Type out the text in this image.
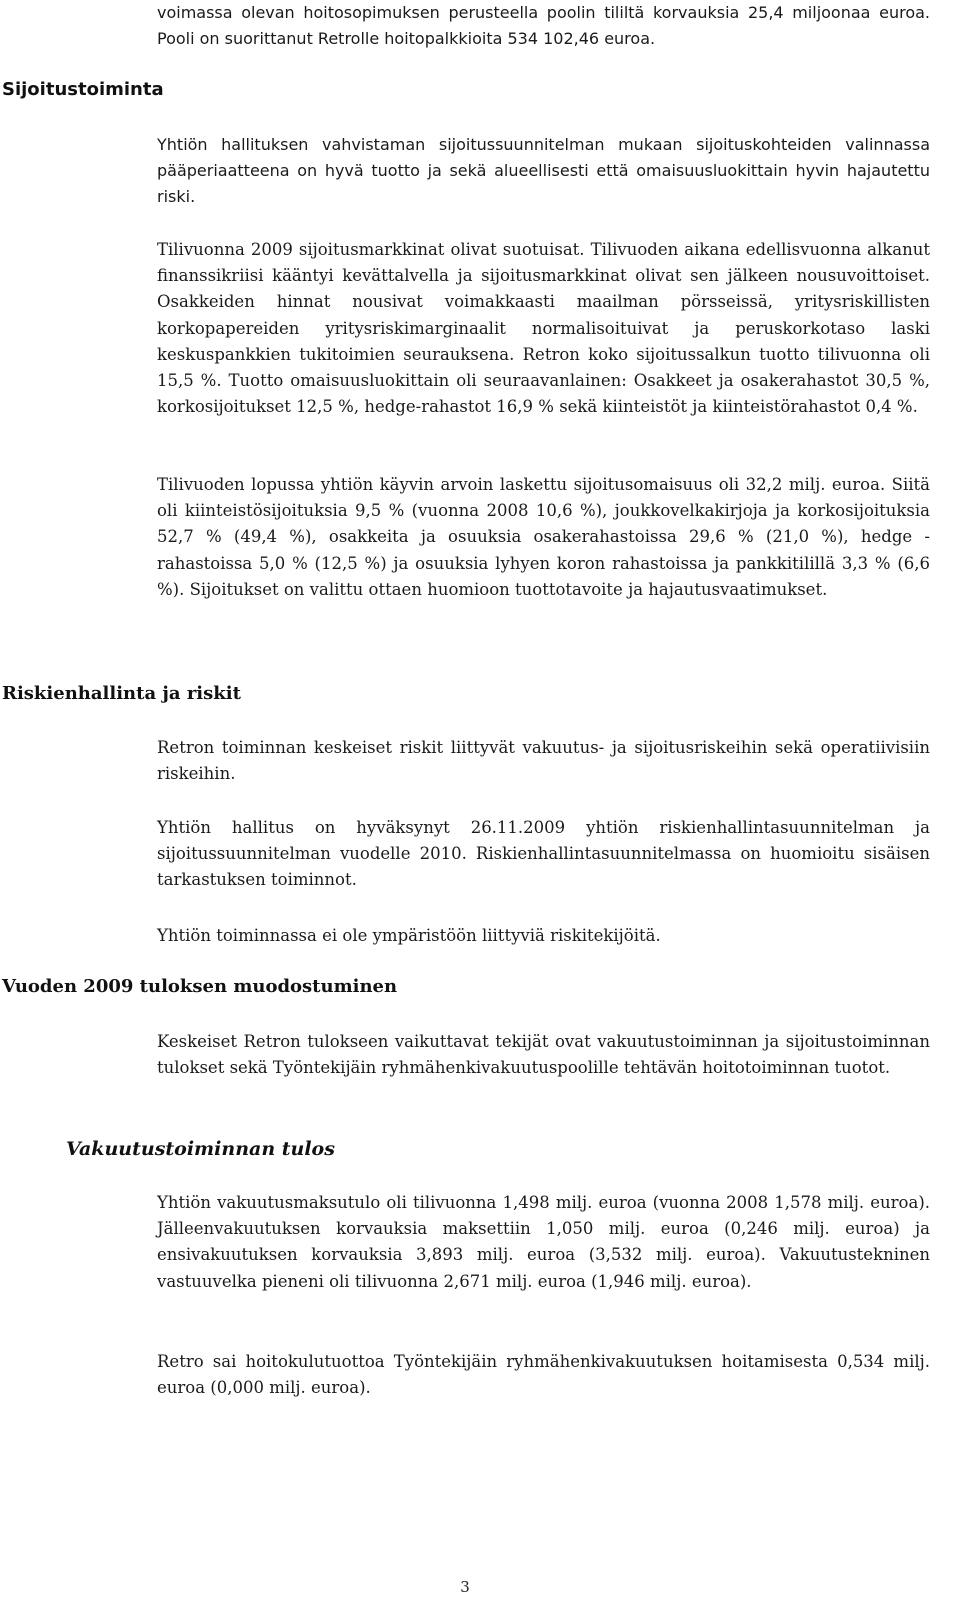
voimassa olevan hoitosopimuksen perusteella poolin tililtä korvauksia 25,4 miljoonaa euroa. Pooli on suorittanut Retrolle hoitopalkkioita 534 102,46 euroa.

Sijoitustoiminta

Yhtiön hallituksen vahvistaman sijoitussuunnitelman mukaan sijoituskohteiden valinnassa pääperiaatteena on hyvä tuotto ja sekä alueellisesti että omaisuusluokittain hyvin hajautettu riski.

Tilivuonna 2009 sijoitusmarkkinat olivat suotuisat. Tilivuoden aikana edellisvuonna alkanut finanssikriisi kääntyi kevättalvella ja sijoitusmarkkinat olivat sen jälkeen nousuvoittoiset. Osakkeiden hinnat nousivat voimakkaasti maailman pörsseissä, yritysriskillisten korkopapereiden yritysriskimarginaalit normalisoituivat ja peruskorkotaso laski keskuspankkien tukitoimien seurauksena. Retron koko sijoitussalkun tuotto tilivuonna oli 15,5 %. Tuotto omaisuusluokittain oli seuraavanlainen: Osakkeet ja osakerahastot 30,5 %, korkosijoitukset 12,5 %, hedge-rahastot 16,9 % sekä kiinteistöt ja kiinteistörahastot 0,4 %.

Tilivuoden lopussa yhtiön käyvin arvoin laskettu sijoitusomaisuus oli 32,2 milj. euroa. Siitä oli kiinteistösijoituksia 9,5 % (vuonna 2008 10,6 %), joukkovelkakirjoja ja korkosijoituksia 52,7 % (49,4 %), osakkeita ja osuuksia osakerahastoissa 29,6 % (21,0 %), hedge -rahastoissa 5,0 % (12,5 %) ja osuuksia lyhyen koron rahastoissa ja pankkitilillä 3,3 % (6,6 %). Sijoitukset on valittu ottaen huomioon tuottotavoite ja hajautusvaatimukset.

Riskienhallinta ja riskit

Retron toiminnan keskeiset riskit liittyvät vakuutus- ja sijoitusriskeihin sekä operatiivisiin riskeihin.

Yhtiön hallitus on hyväksynyt 26.11.2009 yhtiön riskienhallintasuunnitelman ja sijoitussuunnitelman vuodelle 2010. Riskienhallintasuunnitelmassa on huomioitu sisäisen tarkastuksen toiminnot.

Yhtiön toiminnassa ei ole ympäristöön liittyviä riskitekijöitä.

Vuoden 2009 tuloksen muodostuminen

Keskeiset Retron tulokseen vaikuttavat tekijät ovat vakuutustoiminnan ja sijoitustoiminnan tulokset sekä Työntekijäin ryhmähenkivakuutuspoolille tehtävän hoitotoiminnan tuotot.

Vakuutustoiminnan tulos

Yhtiön vakuutusmaksutulo oli tilivuonna 1,498 milj. euroa (vuonna 2008 1,578 milj. euroa). Jälleenvakuutuksen korvauksia maksettiin 1,050 milj. euroa (0,246 milj. euroa) ja ensivakuutuksen korvauksia 3,893 milj. euroa (3,532 milj. euroa). Vakuutustekninen vastuuvelka pieneni oli tilivuonna 2,671 milj. euroa (1,946 milj. euroa).

Retro sai hoitokulutuottoa Työntekijäin ryhmähenkivakuutuksen hoitamisesta 0,534 milj. euroa (0,000 milj. euroa).

3
